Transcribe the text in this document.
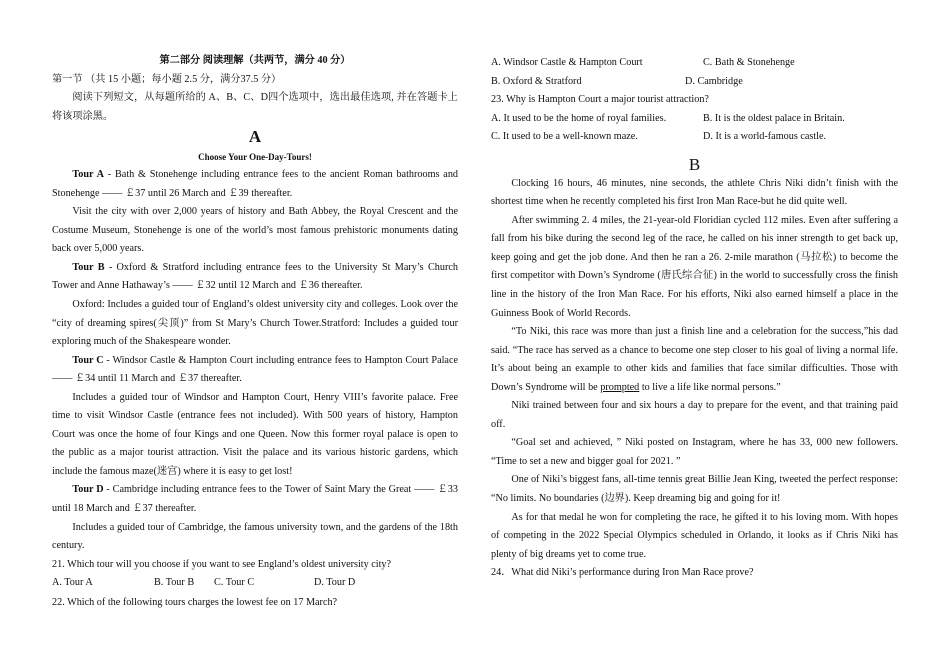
第二部分 阅读理解（共两节，满分 40 分）

第一节 （共 15 小题；每小题 2.5 分，满分37.5 分）

阅读下列短文，从每题所给的 A、B、C、D四个选项中，选出最佳选项, 并在答题卡上将该项涂黑。

A

Choose Your One-Day-Tours!

Tour A - Bath & Stonehenge including entrance fees to the ancient Roman bathrooms and Stonehenge —— ￡37 until 26 March and ￡39 thereafter.

Visit the city with over 2,000 years of history and Bath Abbey, the Royal Crescent and the Costume Museum, Stonehenge is one of the world’s most famous prehistoric monuments dating back over 5,000 years.

Tour B - Oxford & Stratford including entrance fees to the University St Mary’s Church Tower and Anne Hathaway’s —— ￡32 until 12 March and ￡36 thereafter.

Oxford: Includes a guided tour of England’s oldest university city and colleges. Look over the “city of dreaming spires(尖顶)” from St Mary’s Church Tower.Stratford: Includes a guided tour exploring much of the Shakespeare wonder.

Tour C - Windsor Castle & Hampton Court including entrance fees to Hampton Court Palace—— ￡34 until 11 March and ￡37 thereafter.

Includes a guided tour of Windsor and Hampton Court, Henry VIII’s favorite palace. Free time to visit Windsor Castle (entrance fees not included). With 500 years of history, Hampton Court was once the home of four Kings and one Queen. Now this former royal palace is open to the public as a major tourist attraction. Visit the palace and its various historic gardens, which include the famous maze(迷宫) where it is easy to get lost!

Tour D - Cambridge including entrance fees to the Tower of Saint Mary the Great —— ￡33 until 18 March and ￡37 thereafter.

Includes a guided tour of Cambridge, the famous university town, and the gardens of the 18th century.

21. Which tour will you choose if you want to see England’s oldest university city?

A. Tour A	B. Tour B	C. Tour C	D. Tour D

22. Which of the following tours charges the lowest fee on 17 March?

A. Windsor Castle & Hampton Court	C. Bath & Stonehenge
B. Oxford & Stratford	D. Cambridge

23. Why is Hampton Court a major tourist attraction?

A. It used to be the home of royal families.	B. It is the oldest palace in Britain.
C. It used to be a well-known maze.	D. It is a world-famous castle.

B

Clocking 16 hours, 46 minutes, nine seconds, the athlete Chris Niki didn’t finish with the shortest time when he recently completed his first Iron Man Race-but he did quite well.

After swimming 2. 4 miles, the 21-year-old Floridian cycled 112 miles. Even after suffering a fall from his bike during the second leg of the race, he called on his inner strength to get back up, keep going and get the job done. And then he ran a 26. 2-mile marathon (马拉松) to become the first competitor with Down’s Syndrome (唐氏综合征) in the world to successfully cross the finish line in the history of the Iron Man Race. For his efforts, Niki also earned himself a place in the Guinness Book of World Records.

“To Niki, this race was more than just a finish line and a celebration for the success,”his dad said. “The race has served as a chance to become one step closer to his goal of living a normal life. It’s about being an example to other kids and families that face similar difficulties. Those with Down’s Syndrome will be prompted to live a life like normal persons.”

Niki trained between four and six hours a day to prepare for the event, and that training paid off.

“Goal set and achieved, ” Niki posted on Instagram, where he has 33, 000 new followers. “Time to set a new and bigger goal for 2021. ”

One of Niki’s biggest fans, all-time tennis great Billie Jean King, tweeted the perfect response: “No limits. No boundaries (边界). Keep dreaming big and going for it!

As for that medal he won for completing the race, he gifted it to his loving mom. With hopes of competing in the 2022 Special Olympics scheduled in Orlando, it looks as if Chris Niki has plenty of big dreams yet to come true.

24．What did Niki’s performance during Iron Man Race prove?
